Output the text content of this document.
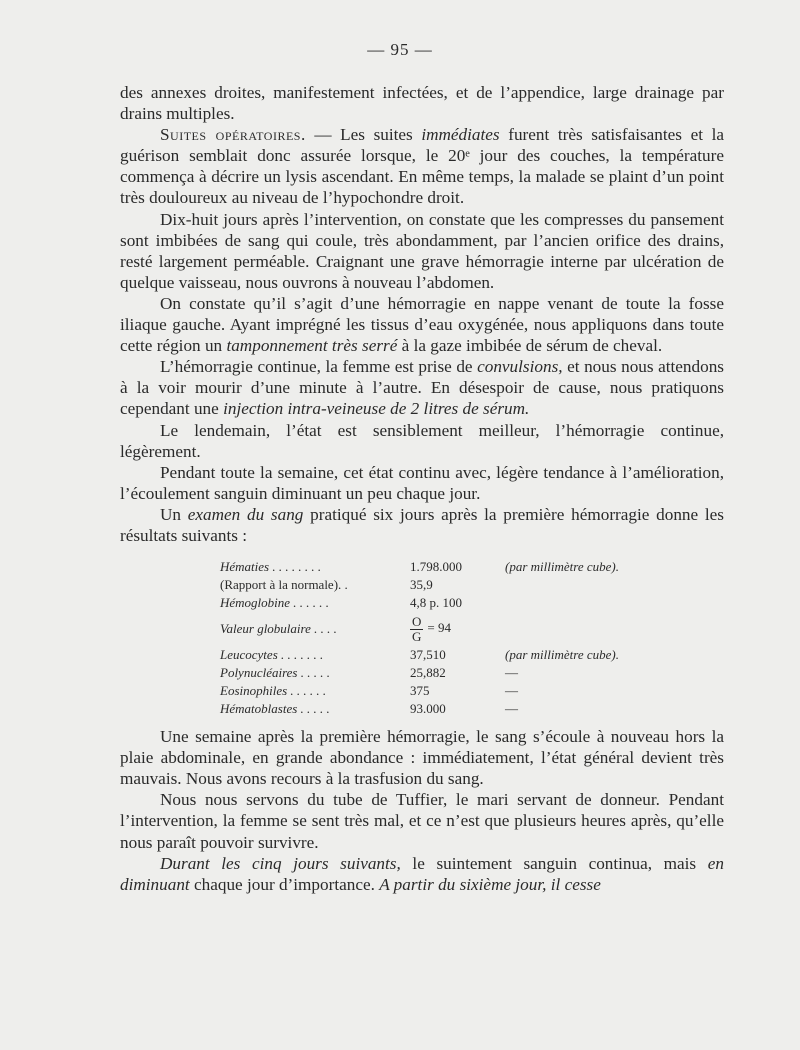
— 95 —

des annexes droites, manifestement infectées, et de l’appendice, large drainage par drains multiples.

Suites opératoires. — Les suites immédiates furent très satisfaisantes et la guérison semblait donc assurée lorsque, le 20ᵉ jour des couches, la température commença à décrire un lysis ascendant. En même temps, la malade se plaint d’un point très douloureux au niveau de l’hypochondre droit.

Dix-huit jours après l’intervention, on constate que les compresses du pansement sont imbibées de sang qui coule, très abondamment, par l’ancien orifice des drains, resté largement perméable. Craignant une grave hémorragie interne par ulcération de quelque vaisseau, nous ouvrons à nouveau l’abdomen.

On constate qu’il s’agit d’une hémorragie en nappe venant de toute la fosse iliaque gauche. Ayant imprégné les tissus d’eau oxygénée, nous appliquons dans toute cette région un tamponnement très serré à la gaze imbibée de sérum de cheval.

L’hémorragie continue, la femme est prise de convulsions, et nous nous attendons à la voir mourir d’une minute à l’autre. En désespoir de cause, nous pratiquons cependant une injection intra-veineuse de 2 litres de sérum.

Le lendemain, l’état est sensiblement meilleur, l’hémorragie continue, légèrement.

Pendant toute la semaine, cet état continu avec, légère tendance à l’amélioration, l’écoulement sanguin diminuant un peu chaque jour.

Un examen du sang pratiqué six jours après la première hémorragie donne les résultats suivants :

Hématies . . . . . . . .	1.798.000	(par millimètre cube).
(Rapport à la normale). .	35,9
Hémoglobine . . . . . .	4,8 p. 100
Valeur globulaire . . . .	$\frac{O}{G} = 94$
Leucocytes . . . . . . .	37,510	(par millimètre cube).
Polynucléaires . . . . .	25,882	—
Eosinophiles . . . . . .	375	—
Hématoblastes . . . . .	93.000	—

Une semaine après la première hémorragie, le sang s’écoule à nouveau hors la plaie abdominale, en grande abondance : immédiatement, l’état général devient très mauvais. Nous avons recours à la trasfusion du sang.

Nous nous servons du tube de Tuffier, le mari servant de donneur. Pendant l’intervention, la femme se sent très mal, et ce n’est que plusieurs heures après, qu’elle nous paraît pouvoir survivre.

Durant les cinq jours suivants, le suintement sanguin continua, mais en diminuant chaque jour d’importance. A partir du sixième jour, il cesse
